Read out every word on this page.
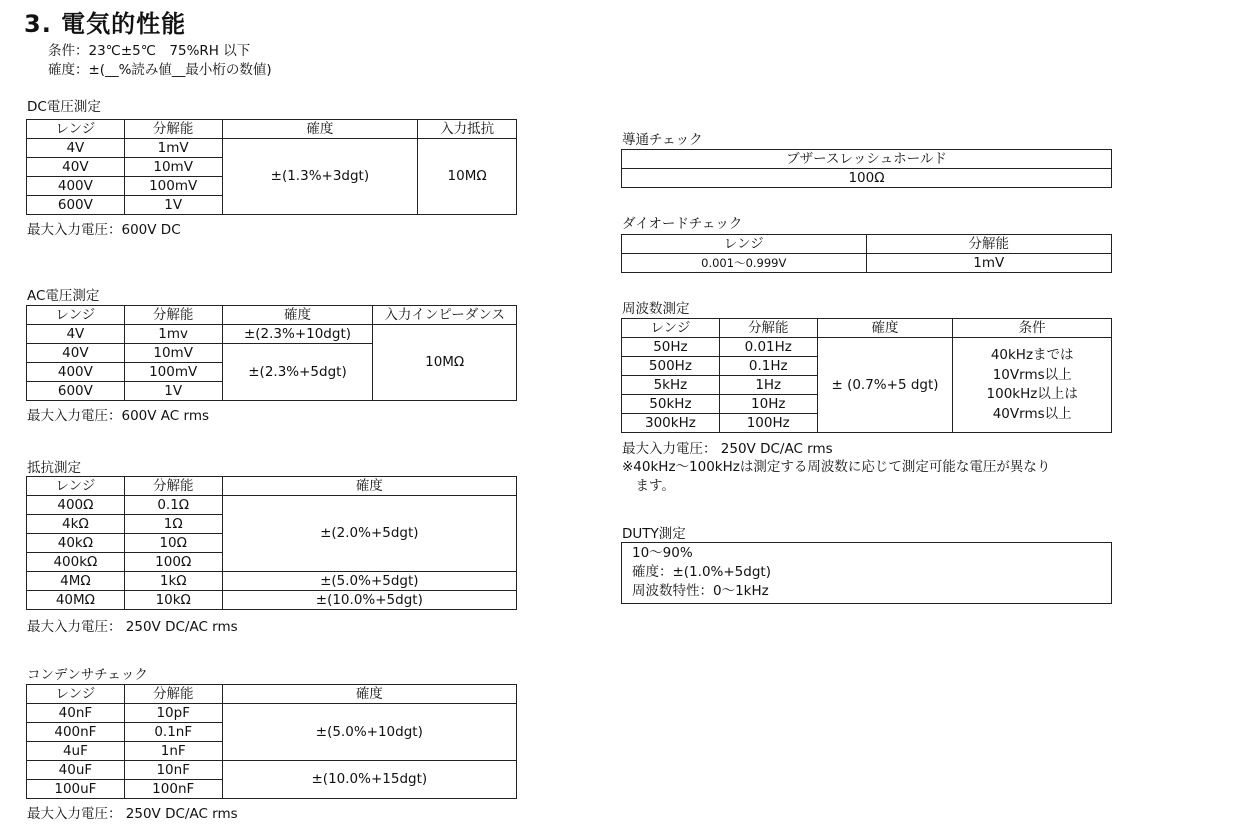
3. 電気的性能
条件：23℃±5℃　75%RH 以下
確度：±(__%読み値__最小桁の数値)
DC電圧測定
レンジ	分解能	確度	入力抵抗
4V	1mV	±(1.3%+3dgt)	10MΩ
40V	10mV		
400V	100mV		
600V	1V		
最大入力電圧：600V DC
AC電圧測定
レンジ	分解能	確度	入力インピーダンス
4V	1mv	±(2.3%+10dgt)	10MΩ
40V	10mV	±(2.3%+5dgt)	
400V	100mV		
600V	1V		
最大入力電圧：600V AC rms
抵抗測定
レンジ	分解能	確度
400Ω	0.1Ω	±(2.0%+5dgt)
4kΩ	1Ω	
40kΩ	10Ω	
400kΩ	100Ω	
4MΩ	1kΩ	±(5.0%+5dgt)
40MΩ	10kΩ	±(10.0%+5dgt)
最大入力電圧： 250V DC/AC rms
コンデンサチェック
レンジ	分解能	確度
40nF	10pF	±(5.0%+10dgt)
400nF	0.1nF	
4uF	1nF	
40uF	10nF	±(10.0%+15dgt)
100uF	100nF	
最大入力電圧： 250V DC/AC rms
導通チェック
ブザースレッシュホールド
100Ω
ダイオードチェック
レンジ	分解能
0.001～0.999V	1mV
周波数測定
レンジ	分解能	確度	条件
50Hz	0.01Hz	± (0.7%+5 dgt)	40kHzまでは
10Vrms以上
100kHz以上は
40Vrms以上

500Hz	0.1Hz		
5kHz	1Hz		
50kHz	10Hz		
300kHz	100Hz		
最大入力電圧： 250V DC/AC rms
※40kHz～100kHzは測定する周波数に応じて測定可能な電圧が異なり
　ます。
DUTY測定
10～90%
確度：±(1.0%+5dgt)
周波数特性：0～1kHz
